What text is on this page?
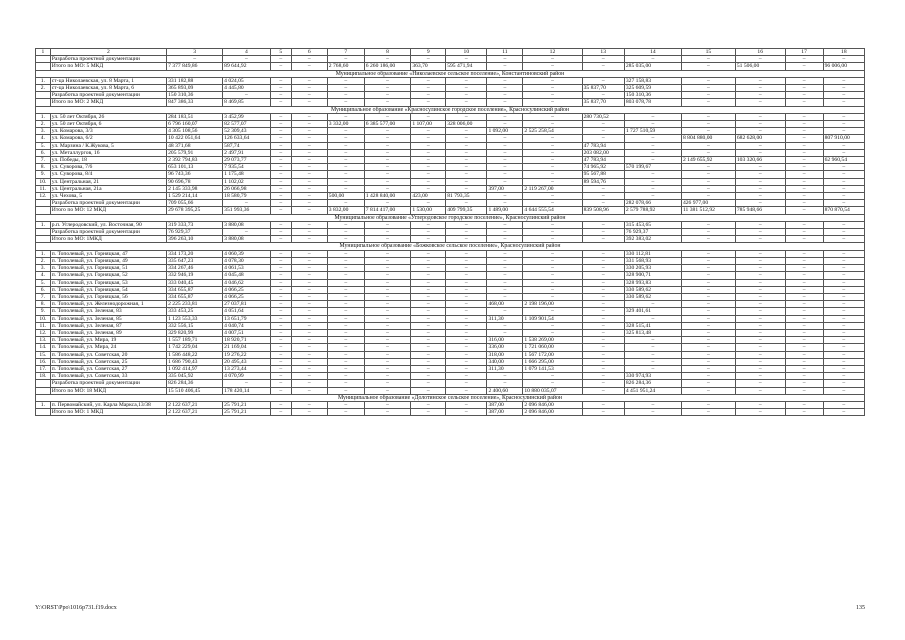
1	2	3	4	5	6	7	8	9	10	11	12	13	14	15	16	17	18
	Разработка проектной документации	–	–	–	–	–	–	–	–	–	–	–	–	–	–	–	–
	Итого по МО: 5 МКД	7 377 849,86	89 644,92	–	–	2 768,60	6 260 186,00	363,70	595 471,94	–	–	–	285 035,00	–	51 506,00	–	96 006,00
Муниципальное образование «Николаевское сельское поселение», Константиновский район																	
1.	ст-ца Николаевская, ул. 8 Марта, 1	331 182,88	4 024,05	–	–	–	–	–	–	–	–	–	327 158,83	–	–	–	–
2.	ст-ца Николаевская, ул. 8 Марта, 6	365 893,09	4 445,80	–	–	–	–	–	–	–	–	35 837,70	325 609,59	–	–	–	–
	Разработка проектной документации	150 310,36	–	–	–	–	–	–	–	–	–	–	150 310,36	–	–	–	–
	Итого по МО: 2 МКД	847 386,33	8 469,85	–	–	–	–	–	–	–	–	35 837,70	803 078,78	–	–	–	–
Муниципальное образование «Красносулинское городское поселение», Красносулинский район																	
1.	ул. 50 лет Октября, 26	284 183,51	3 452,99	–	–	–	–	–	–	–	–	280 730,52	–	–	–	–	–
2.	ул. 50 лет Октября, 6	6 796 160,07	82 577,07	–	–	3 332,00	6 385 577,00	1 107,00	328 006,00	–	–	–	–	–	–	–	–
3.	ул. Комарова, 3/3	4 305 108,56	52 309,43	–	–	–	–	–	–	1 092,00	2 525 258,54	–	1 727 510,59	–	–	–	–
4.	ул. Комарова, 6/2	10 422 051,64	126 633,64	–	–	–	–	–	–	–	–	–	–	8 804 880,00	682 628,00	–	807 910,00
5.	ул. Марзина / К.Жукова, 5	48 371,68	587,74	–	–	–	–	–	–	–	–	47 783,94	–	–	–	–	–
6.	ул. Металлургов, 16	205 579,91	2 497,91	–	–	–	–	–	–	–	–	203 082,00	–	–	–	–	–
7.	ул. Победы, 18	2 392 794,83	29 073,77	–	–	–	–	–	–	–	–	47 783,94	–	2 149 655,92	103 320,66	–	62 960,54
8.	ул. Суворова, 7/6	653 101,13	7 935,54	–	–	–	–	–	–	–	–	74 965,92	570 199,67	–	–	–	–
9.	ул. Суворова, 8/4	96 743,36	1 175,48	–	–	–	–	–	–	–	–	95 567,88	–	–	–	–	–
10.	ул. Центральная, 21	90 696,78	1 102,02	–	–	–	–	–	–	–	–	89 594,76	–	–	–	–	–
11.	ул. Центральная, 21а	2 145 333,98	26 066,98	–	–	–	–	–	–	397,00	2 119 267,00	–	–	–	–	–	–
12.	ул. Чехова, 5	1 529 214,14	18 580,79	–	–	500,00	1 428 840,00	423,00	81 793,35	–	–	–	–	–	–	–	–
	Разработка проектной документации	709 055,66	–	–	–	–	–	–	–	–	–	–	282 078,66	426 977,00	–	–	–
	Итого по МО: 12 МКД	29 678 395,25	351 993,36	–	–	3 832,00	7 814 417,00	1 530,00	409 799,35	1 489,00	4 644 555,54	839 508,96	2 579 788,92	11 381 512,92	785 948,66	–	870 870,54
Муниципальное образование «Углеродовское городское поселение», Красносулинский район																	
1.	р.п. Углеродовский, ул. Восточная, 90	319 333,73	3 880,08	–	–	–	–	–	–	–	–	–	315 453,65	–	–	–	–
	Разработка проектной документации	76 929,37	–	–	–	–	–	–	–	–	–	–	76 929,37	–	–	–	–
	Итого по МО: 1МКД	396 263,10	3 880,08	–	–	–	–	–	–	–	–	–	392 383,02	–	–	–	–
Муниципальное образование «Божковское сельское поселение», Красносулинский район																	
1.	п. Тополевый, ул. Горняцкая, 47	334 173,20	4 060,39	–	–	–	–	–	–	–	–	–	330 112,81	–	–	–	–
2.	п. Тополевый, ул. Горняцкая, 49	335 647,23	4 078,30	–	–	–	–	–	–	–	–	–	331 568,93	–	–	–	–
3.	п. Тополевый, ул. Горняцкая, 51	334 267,46	4 061,53	–	–	–	–	–	–	–	–	–	330 205,93	–	–	–	–
4.	п. Тополевый, ул. Горняцкая, 52	332 946,19	4 045,48	–	–	–	–	–	–	–	–	–	328 900,71	–	–	–	–
5.	п. Тополевый, ул. Горняцкая, 53	333 040,45	4 046,62	–	–	–	–	–	–	–	–	–	328 993,83	–	–	–	–
6.	п. Тополевый, ул. Горняцкая, 54	334 655,87	4 066,25	–	–	–	–	–	–	–	–	–	330 589,62	–	–	–	–
7.	п. Тополевый, ул. Горняцкая, 56	334 655,87	4 066,25	–	–	–	–	–	–	–	–	–	330 589,62	–	–	–	–
8.	п. Тополевый, ул. Железнодорожная, 1	2 225 233,81	27 037,81	–	–	–	–	–	–	468,00	2 198 196,00	–	–	–	–	–	–
9.	п. Тополевый, ул. Зеленая, 83	333 453,25	4 051,64	–	–	–	–	–	–	–	–	–	329 401,61	–	–	–	–
10.	п. Тополевый, ул. Зеленая, 85	1 123 553,33	13 651,79	–	–	–	–	–	–	311,30	1 109 901,54	–	–	–	–	–	–
11.	п. Тополевый, ул. Зеленая, 87	332 556,15	4 040,74	–	–	–	–	–	–	–	–	–	328 515,41	–	–	–	–
12.	п. Тополевый, ул. Зеленая, 89	329 820,99	4 007,51	–	–	–	–	–	–	–	–	–	325 813,48	–	–	–	–
13.	п. Тополевый, ул. Мира, 19	1 557 189,71	18 920,71	–	–	–	–	–	–	316,00	1 538 269,00	–	–	–	–	–	–
14.	п. Тополевый, ул. Мира, 24	1 742 229,04	21 169,04	–	–	–	–	–	–	336,00	1 721 060,00	–	–	–	–	–	–
15.	п. Тополевый, ул. Советская, 20	1 586 448,22	19 276,22	–	–	–	–	–	–	318,00	1 567 172,00	–	–	–	–	–	–
16.	п. Тополевый, ул. Советская, 25	1 686 790,43	20 495,43	–	–	–	–	–	–	340,00	1 666 295,00	–	–	–	–	–	–
17.	п. Тополевый, ул. Советская, 27	1 092 414,97	13 273,44	–	–	–	–	–	–	311,30	1 079 141,53	–	–	–	–	–	–
18.	п. Тополевый, ул. Советская, 33	335 045,92	4 070,99	–	–	–	–	–	–	–	–	–	330 974,93	–	–	–	–
	Разработка проектной документации	826 284,36	–	–	–	–	–	–	–	–	–	–	826 284,36	–	–	–	–
	Итого по МО: 18 МКД	15 510 406,45	178 420,14	–	–	–	–	–	–	2 400,60	10 880 035,07	–	4 451 951,24	–	–	–	–
Муниципальное образование «Долотинское сельское поселение», Красносулинский район																	
1.	п. Первомайский, ул. Карла Маркса,13/38	2 122 637,21	25 791,21	–	–	–	–	–	–	387,00	2 096 846,00	–	–	–	–	–	–
	Итого по МО: 1 МКД	2 122 637,21	25 791,21	–	–	–	–	–	–	387,00	2 096 846,00	–	–	–	–	–	–
Y:\ORST\Ppo\1016p731.f19.docx	135
